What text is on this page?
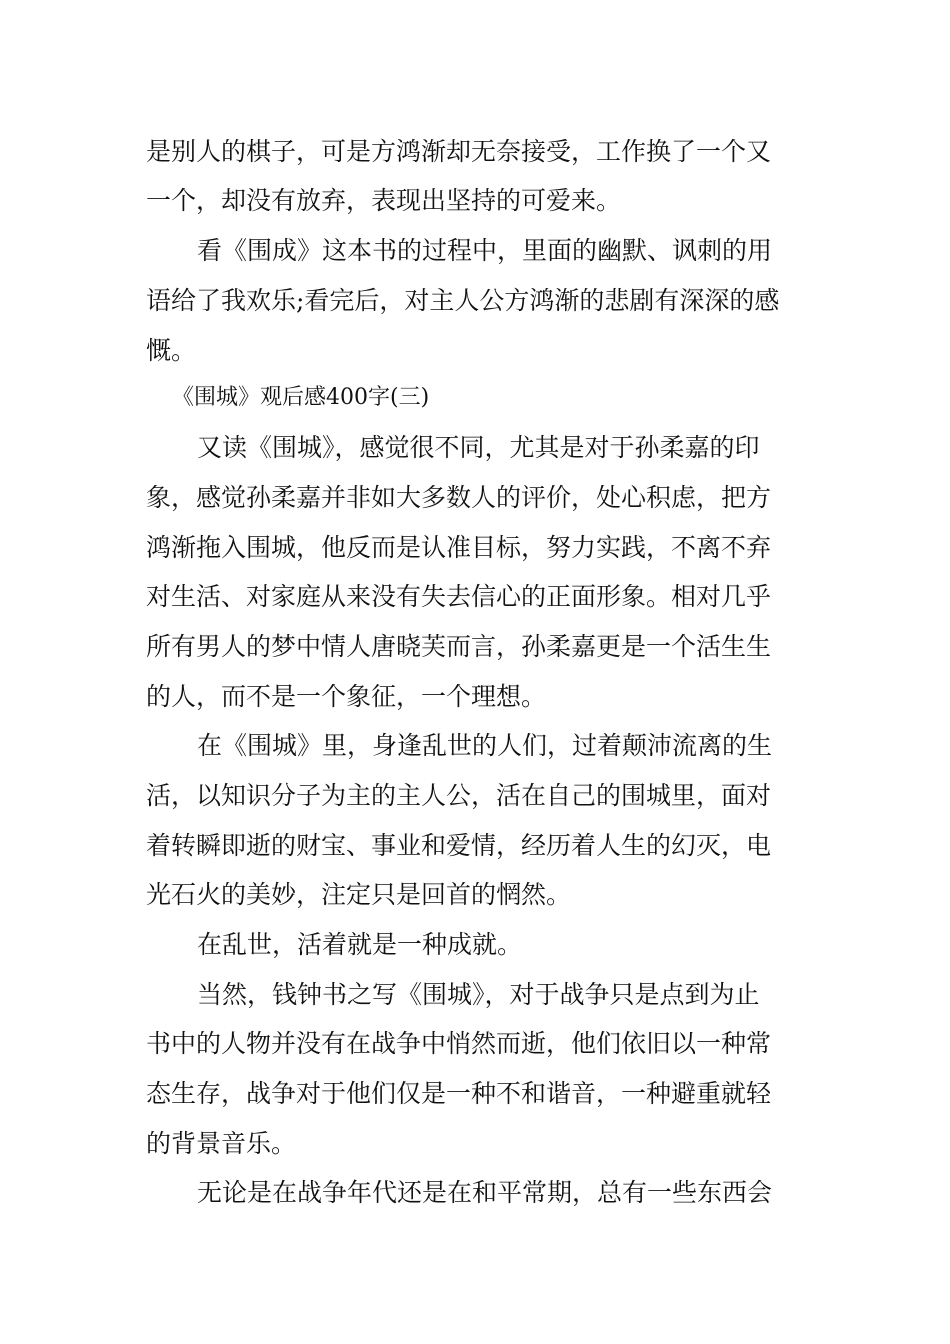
是别人的棋子，可是方鸿渐却无奈接受，工作换了一个又
一个，却没有放弃，表现出坚持的可爱来。
看《围成》这本书的过程中，里面的幽默、讽刺的用
语给了我欢乐;看完后，对主人公方鸿渐的悲剧有深深的感
慨。
《围城》观后感400字(三)
又读《围城》，感觉很不同，尤其是对于孙柔嘉的印
象，感觉孙柔嘉并非如大多数人的评价，处心积虑，把方
鸿渐拖入围城，他反而是认准目标，努力实践，不离不弃
对生活、对家庭从来没有失去信心的正面形象。相对几乎
所有男人的梦中情人唐晓芙而言，孙柔嘉更是一个活生生
的人，而不是一个象征，一个理想。
在《围城》里，身逢乱世的人们，过着颠沛流离的生
活，以知识分子为主的主人公，活在自己的围城里，面对
着转瞬即逝的财宝、事业和爱情，经历着人生的幻灭，电
光石火的美妙，注定只是回首的惘然。
在乱世，活着就是一种成就。
当然，钱钟书之写《围城》，对于战争只是点到为止
书中的人物并没有在战争中悄然而逝，他们依旧以一种常
态生存，战争对于他们仅是一种不和谐音，一种避重就轻
的背景音乐。
无论是在战争年代还是在和平常期，总有一些东西会
